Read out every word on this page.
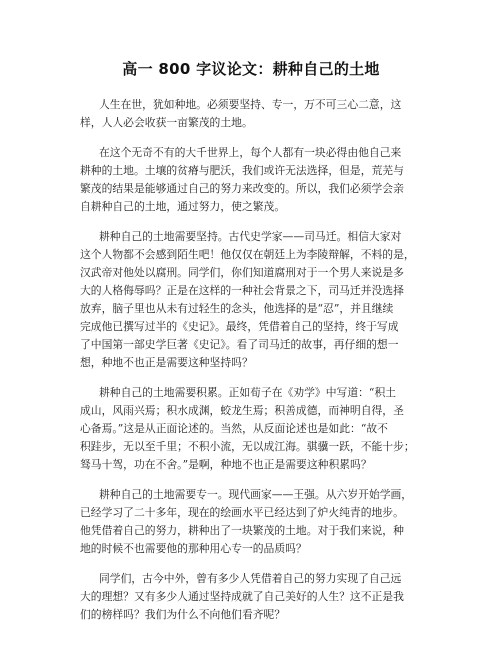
高一 800 字议论文：耕种自己的土地
人生在世，犹如种地。必须要坚持、专一，万不可三心二意，这
样，人人必会收获一亩繁茂的土地。
在这个无奇不有的大千世界上，每个人都有一块必得由他自己来
耕种的土地。土壤的贫瘠与肥沃，我们或许无法选择，但是，荒芜与
繁茂的结果是能够通过自己的努力来改变的。所以，我们必须学会亲
自耕种自己的土地，通过努力，使之繁茂。
耕种自己的土地需要坚持。古代史学家——司马迁。相信大家对
这个人物都不会感到陌生吧！他仅仅在朝廷上为李陵辩解，不料的是，
汉武帝对他处以腐刑。同学们，你们知道腐刑对于一个男人来说是多
大的人格侮辱吗？正是在这样的一种社会背景之下，司马迁并没选择
放弃，脑子里也从未有过轻生的念头，他选择的是“忍”，并且继续
完成他已撰写过半的《史记》。最终，凭借着自己的坚持，终于写成
了中国第一部史学巨著《史记》。看了司马迁的故事，再仔细的想一
想，种地不也正是需要这种坚持吗？
耕种自己的土地需要积累。正如荀子在《劝学》中写道：“积土
成山，风雨兴焉；积水成渊，蛟龙生焉；积善成德，而神明自得，圣
心备焉。”这是从正面论述的。当然，从反面论述也是如此：“故不
积跬步，无以至千里；不积小流，无以成江海。骐骥一跃，不能十步；
驽马十驾，功在不舍。”是啊，种地不也正是需要这种积累吗？
耕种自己的土地需要专一。现代画家——王强。从六岁开始学画，
已经学习了二十多年，现在的绘画水平已经达到了炉火纯青的地步。
他凭借着自己的努力，耕种出了一块繁茂的土地。对于我们来说，种
地的时候不也需要他的那种用心专一的品质吗？
同学们，古今中外，曾有多少人凭借着自己的努力实现了自己远
大的理想？又有多少人通过坚持成就了自己美好的人生？这不正是我
们的榜样吗？我们为什么不向他们看齐呢？
